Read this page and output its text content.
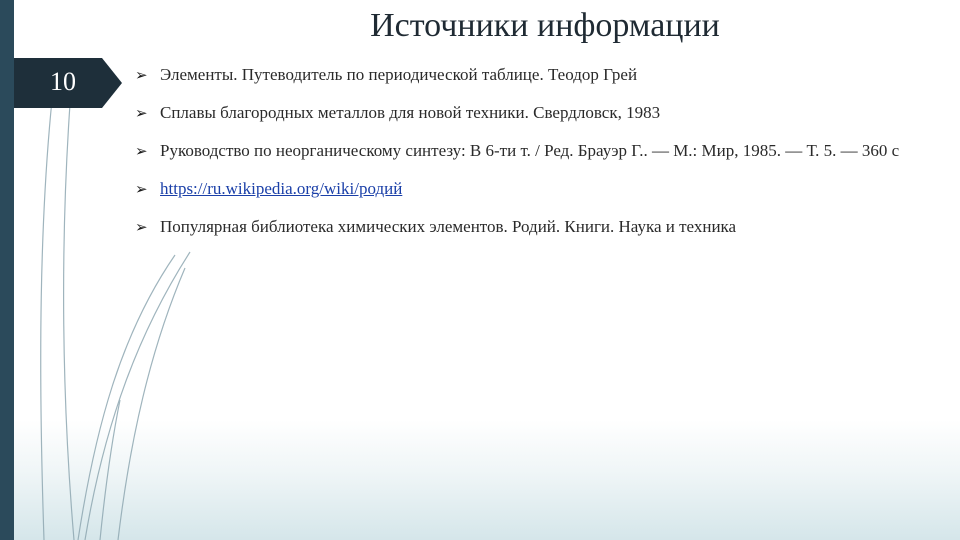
10
Источники информации
➢ Элементы. Путеводитель по периодической таблице. Теодор Грей
➢ Сплавы благородных металлов для новой техники. Свердловск, 1983
➢ Руководство по неорганическому синтезу: В 6-ти т. / Ред. Брауэр Г.. — М.: Мир, 1985. — Т. 5. — 360 с
➢ https://ru.wikipedia.org/wiki/родий
➢ Популярная библиотека химических элементов. Родий. Книги. Наука и техника
